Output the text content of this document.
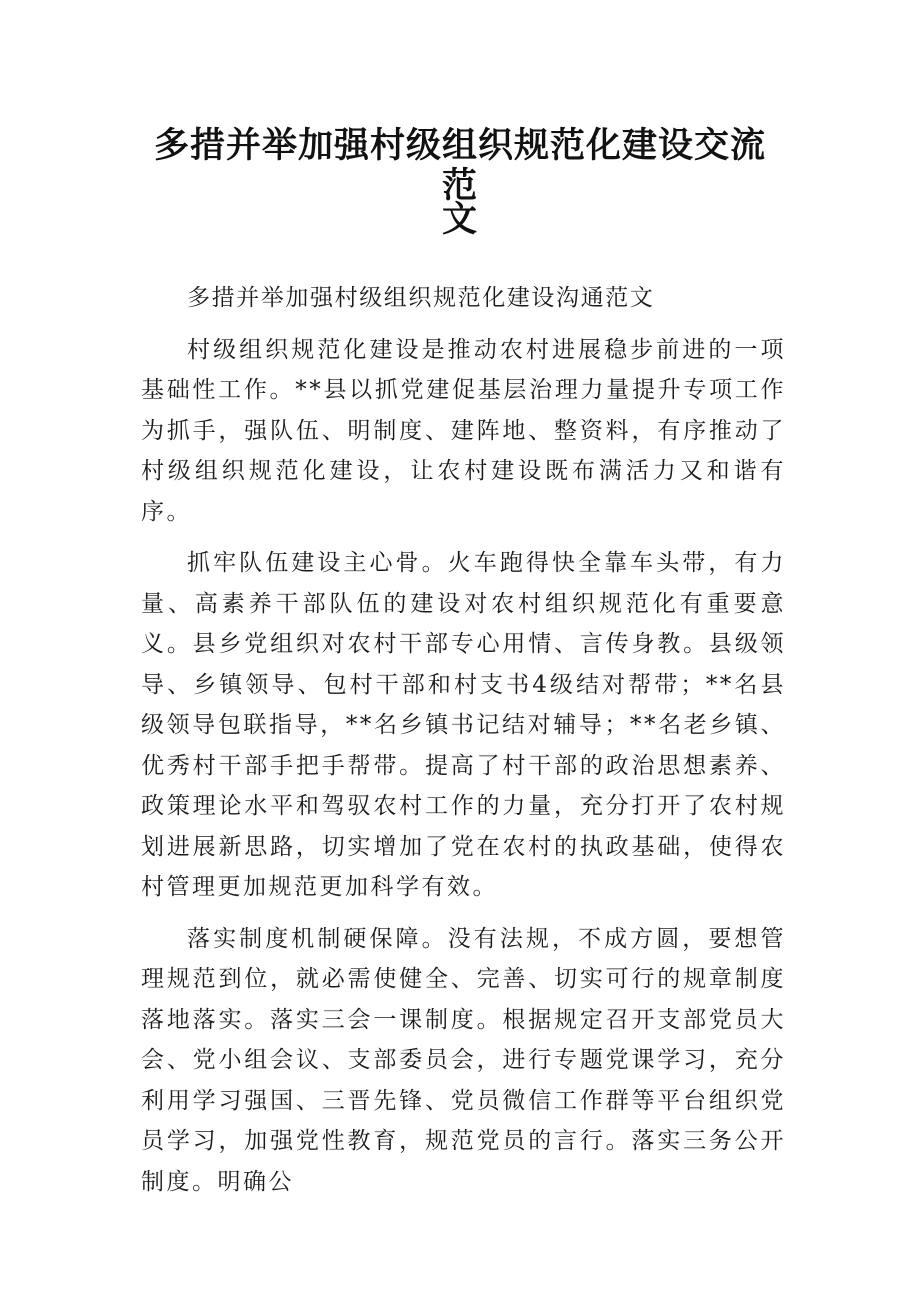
多措并举加强村级组织规范化建设交流范
文

多措并举加强村级组织规范化建设沟通范文

村级组织规范化建设是推动农村进展稳步前进的一项基础性工作。**县以抓党建促基层治理力量提升专项工作为抓手，强队伍、明制度、建阵地、整资料，有序推动了村级组织规范化建设，让农村建设既布满活力又和谐有序。

抓牢队伍建设主心骨。火车跑得快全靠车头带，有力量、高素养干部队伍的建设对农村组织规范化有重要意义。县乡党组织对农村干部专心用情、言传身教。县级领导、乡镇领导、包村干部和村支书4级结对帮带；**名县级领导包联指导，**名乡镇书记结对辅导；**名老乡镇、优秀村干部手把手帮带。提高了村干部的政治思想素养、政策理论水平和驾驭农村工作的力量，充分打开了农村规划进展新思路，切实增加了党在农村的执政基础，使得农村管理更加规范更加科学有效。

落实制度机制硬保障。没有法规，不成方圆，要想管理规范到位，就必需使健全、完善、切实可行的规章制度落地落实。落实三会一课制度。根据规定召开支部党员大会、党小组会议、支部委员会，进行专题党课学习，充分利用学习强国、三晋先锋、党员微信工作群等平台组织党员学习，加强党性教育，规范党员的言行。落实三务公开制度。明确公
